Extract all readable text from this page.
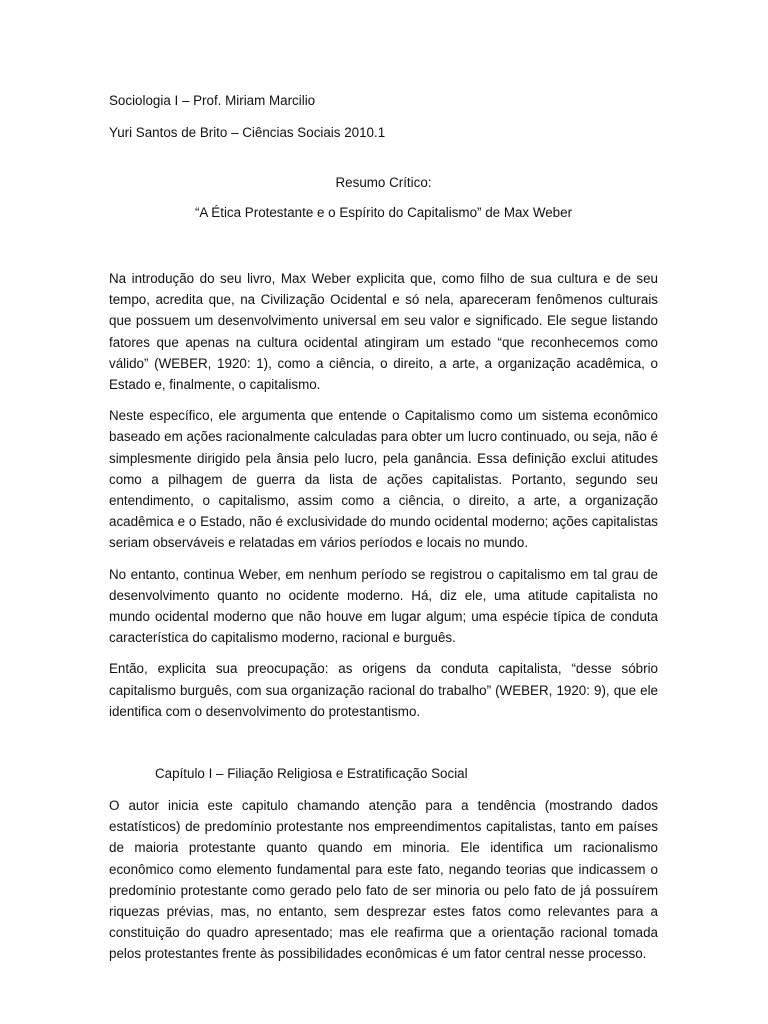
Sociologia I – Prof. Miriam Marcilio

Yuri Santos de Brito – Ciências Sociais 2010.1

Resumo Crítico:

“A Ética Protestante e o Espírito do Capitalismo” de Max Weber

Na introdução do seu livro, Max Weber explicita que, como filho de sua cultura e de seu tempo, acredita que, na Civilização Ocidental e só nela, apareceram fenômenos culturais que possuem um desenvolvimento universal em seu valor e significado. Ele segue listando fatores que apenas na cultura ocidental atingiram um estado “que reconhecemos como válido” (WEBER, 1920: 1), como a ciência, o direito, a arte, a organização acadêmica, o Estado e, finalmente, o capitalismo.

Neste específico, ele argumenta que entende o Capitalismo como um sistema econômico baseado em ações racionalmente calculadas para obter um lucro continuado, ou seja, não é simplesmente dirigido pela ânsia pelo lucro, pela ganância. Essa definição exclui atitudes como a pilhagem de guerra da lista de ações capitalistas. Portanto, segundo seu entendimento, o capitalismo, assim como a ciência, o direito, a arte, a organização acadêmica e o Estado, não é exclusividade do mundo ocidental moderno; ações capitalistas seriam observáveis e relatadas em vários períodos e locais no mundo.

No entanto, continua Weber, em nenhum período se registrou o capitalismo em tal grau de desenvolvimento quanto no ocidente moderno. Há, diz ele, uma atitude capitalista no mundo ocidental moderno que não houve em lugar algum; uma espécie típica de conduta característica do capitalismo moderno, racional e burguês.

Então, explicita sua preocupação: as origens da conduta capitalista, “desse sóbrio capitalismo burguês, com sua organização racional do trabalho” (WEBER, 1920: 9), que ele identifica com o desenvolvimento do protestantismo.

Capítulo I – Filiação Religiosa e Estratificação Social

O autor inicia este capitulo chamando atenção para a tendência (mostrando dados estatísticos) de predomínio protestante nos empreendimentos capitalistas, tanto em países de maioria protestante quanto quando em minoria. Ele identifica um racionalismo econômico como elemento fundamental para este fato, negando teorias que indicassem o predomínio protestante como gerado pelo fato de ser minoria ou pelo fato de já possuírem riquezas prévias, mas, no entanto, sem desprezar estes fatos como relevantes para a constituição do quadro apresentado; mas ele reafirma que a orientação racional tomada pelos protestantes frente às possibilidades econômicas é um fator central nesse processo.
